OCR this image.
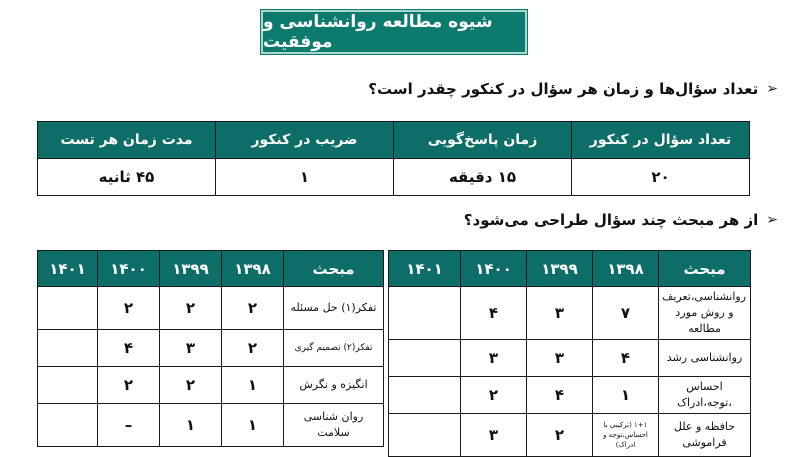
شیوه مطالعه روانشناسی و موفقیت
➢
تعداد سؤال‌ها و زمان هر سؤال در کنکور چقدر است؟
تعداد سؤال در کنکور	زمان پاسخ‌گویی	ضریب در کنکور	مدت زمان هر تست
۲۰	۱۵ دقیقه	۱	۴۵ ثانیه
➢
از هر مبحث چند سؤال طراحی می‌شود؟
مبحث	۱۳۹۸	۱۳۹۹	۱۴۰۰	۱۴۰۱
روانشناسی،تعریف و روش مورد مطالعه	۷	۳	۴	
روانشناسی رشد	۴	۳	۳	
احساس ،توجه،ادراک	۱	۴	۲	
حافظه و علل فراموشی	۱+۱ (ترکیبی با احساس،توجه و ادراک)	۲	۳	
مبحث	۱۳۹۸	۱۳۹۹	۱۴۰۰	۱۴۰۱
تفکر(۱) حل مسئله	۲	۲	۲	
تفکر(۲) تصمیم گیری	۲	۳	۴	
انگیزه و نگرش	۱	۲	۲	
روان شناسی سلامت	۱	۱	–	
